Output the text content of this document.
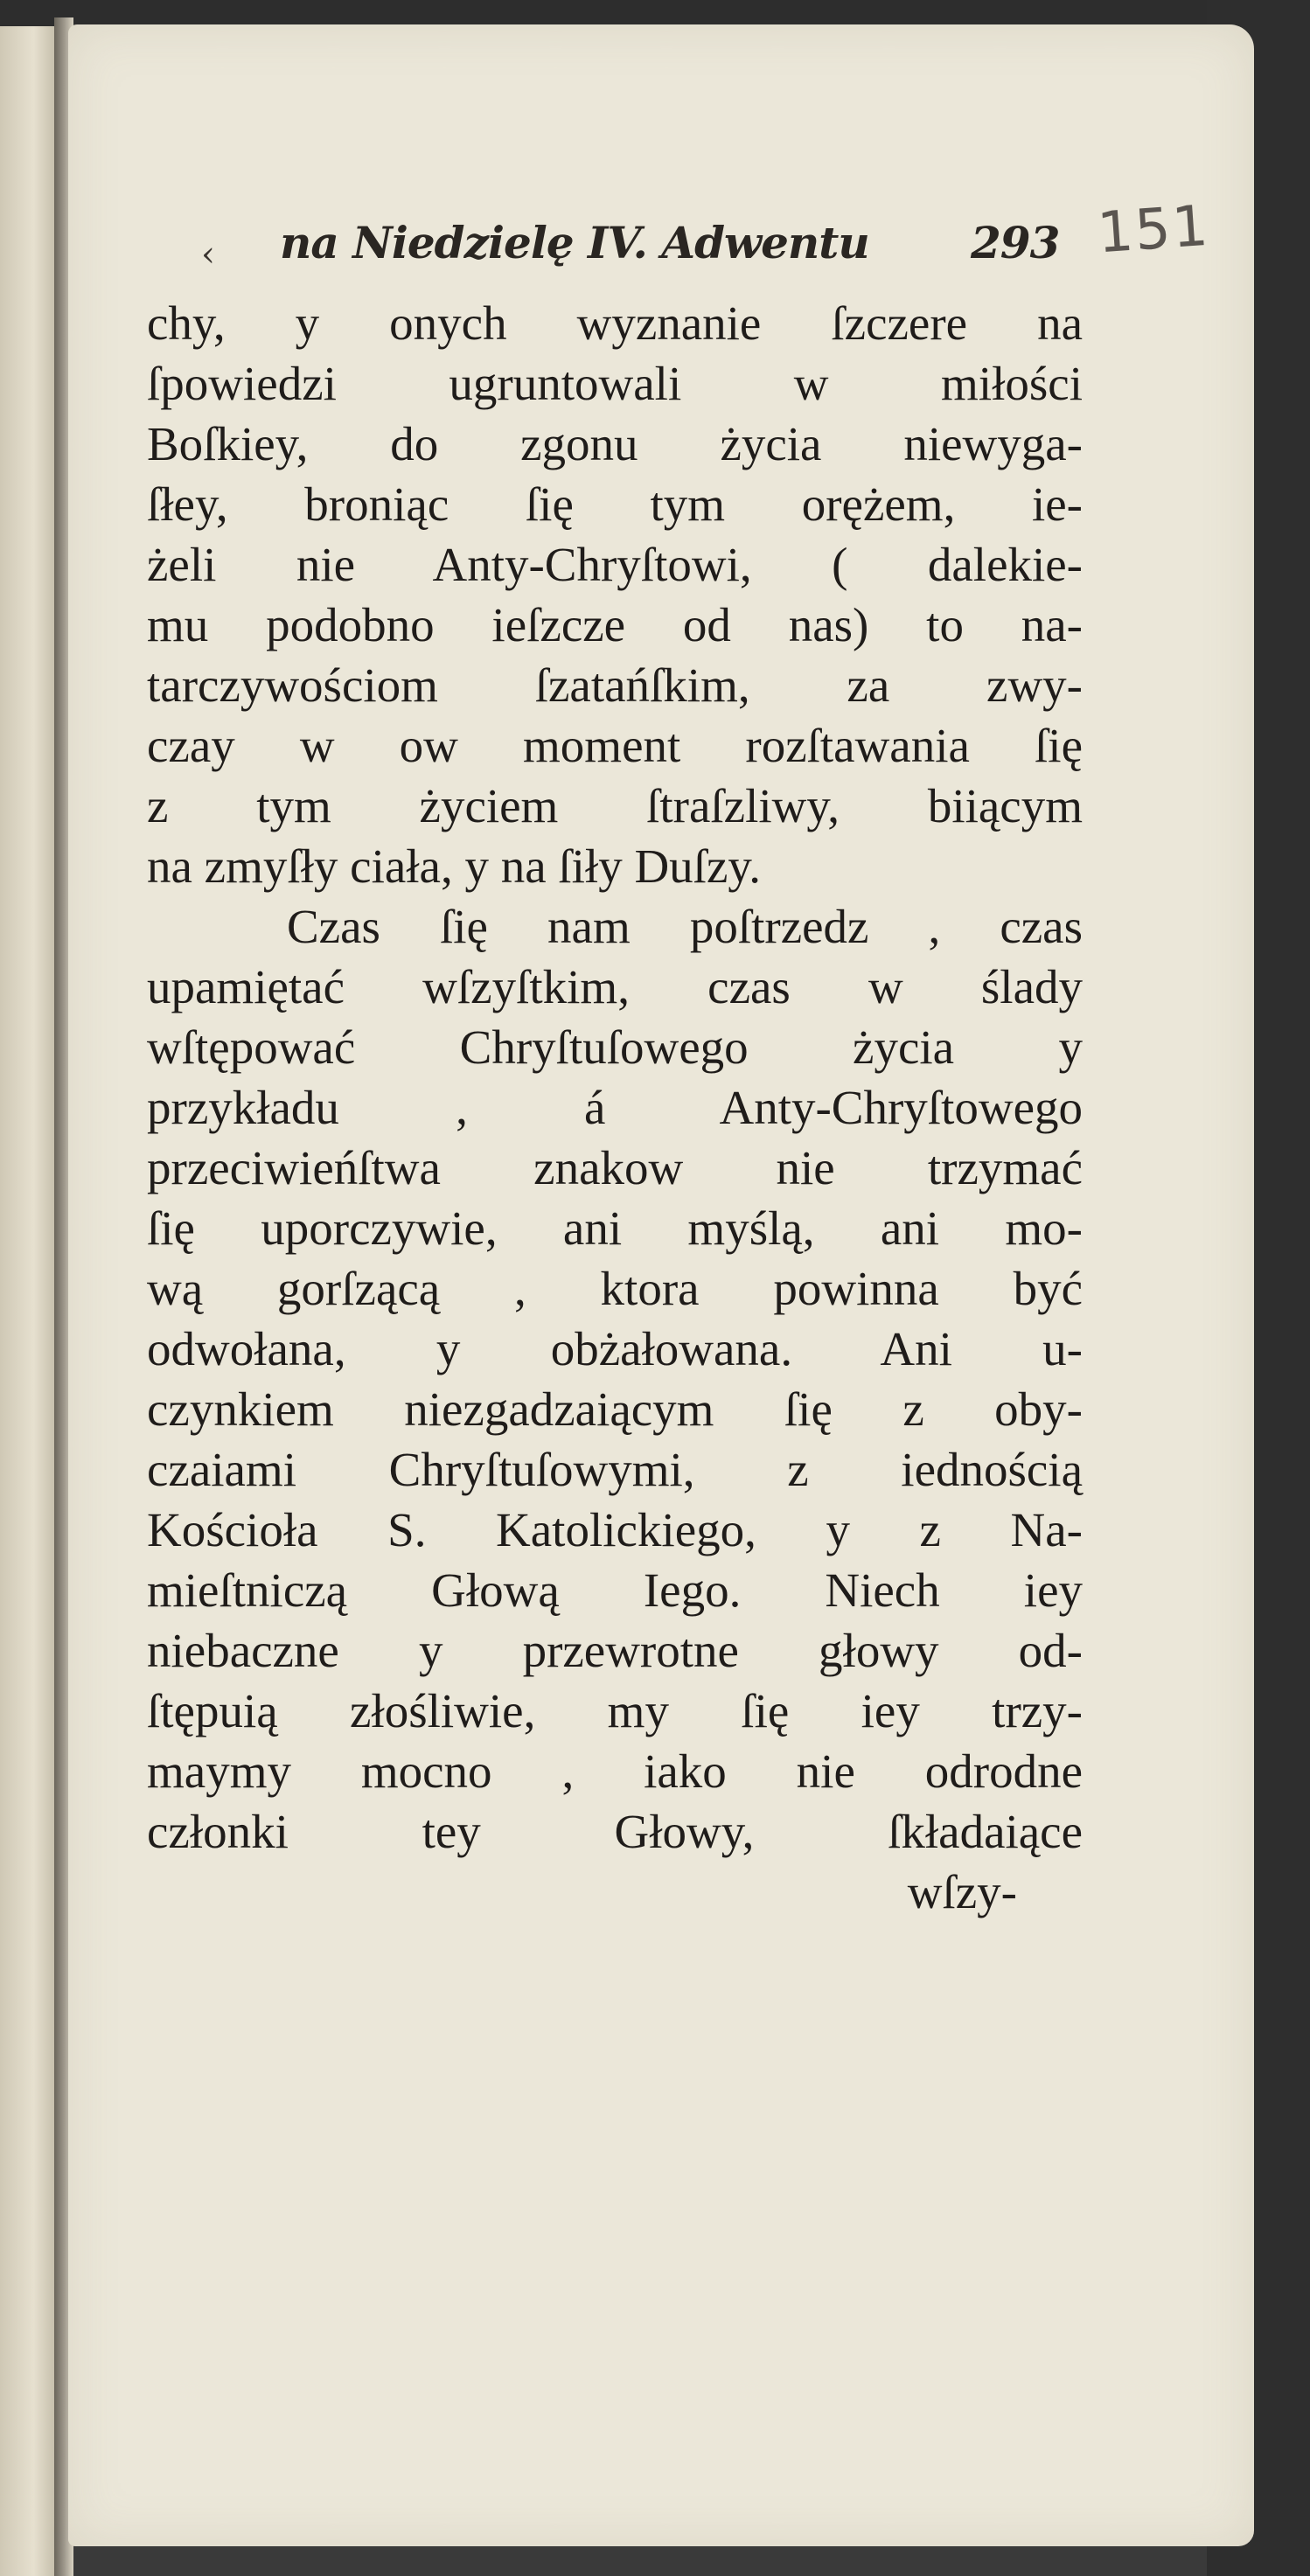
‹ na Niedzielę IV. Adwentu 293 151
chy, y onych wyznanie ſzczere na
ſpowiedzi ugruntowali w miłości
Boſkiey, do zgonu życia niewyga-
ſłey, broniąc ſię tym orężem, ie-
żeli nie Anty-Chryſtowi, ( dalekie-
mu podobno ieſzcze od nas) to na-
tarczywościom ſzatańſkim, za zwy-
czay w ow moment rozſtawania ſię
z tym życiem ſtraſzliwy, biiącym
na zmyſły ciała, y na ſiły Duſzy.
Czas ſię nam poſtrzedz , czas
upamiętać wſzyſtkim, czas w ślady
wſtępować Chryſtuſowego życia y
przykładu , á Anty-Chryſtowego
przeciwieńſtwa znakow nie trzymać
ſię uporczywie, ani myślą, ani mo-
wą gorſzącą , ktora powinna być
odwołana, y obżałowana. Ani u-
czynkiem niezgadzaiącym ſię z oby-
czaiami Chryſtuſowymi, z iednością
Kościoła S. Katolickiego, y z Na-
mieſtniczą Głową Iego. Niech iey
niebaczne y przewrotne głowy od-
ſtępuią złośliwie, my ſię iey trzy-
maymy mocno , iako nie odrodne
członki tey Głowy, ſkładaiące
wſzy-
